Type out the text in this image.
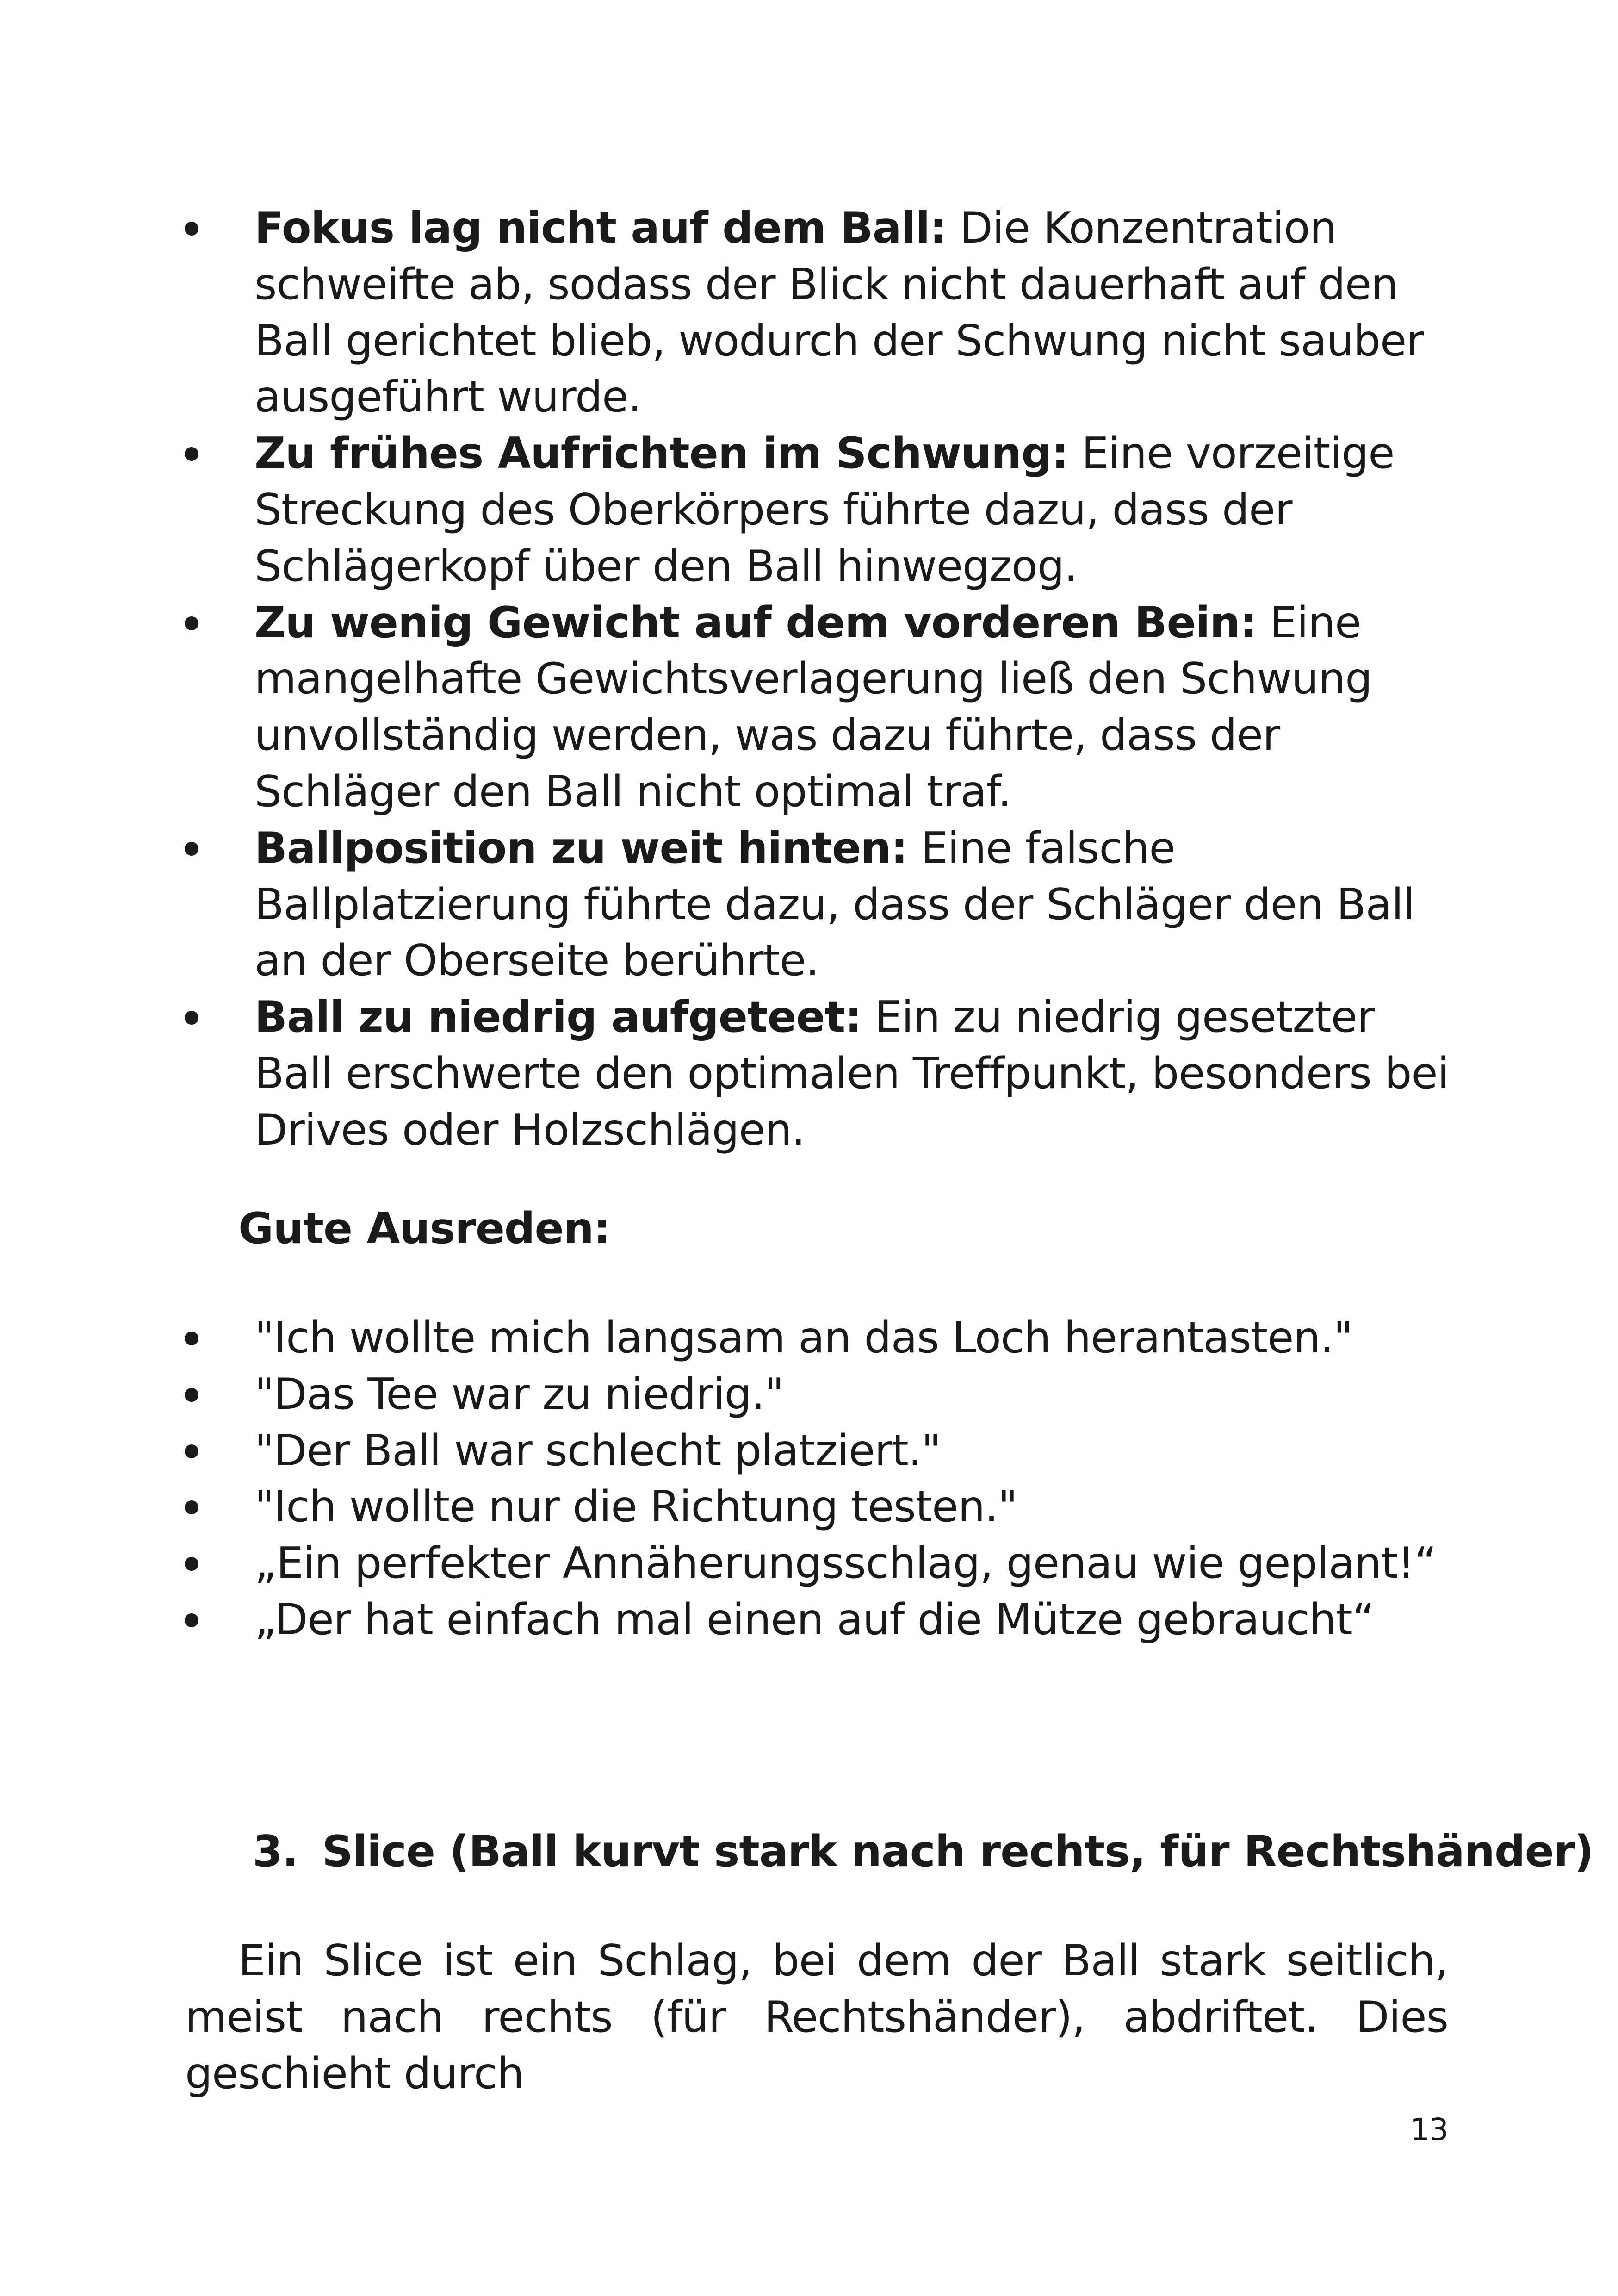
Fokus lag nicht auf dem Ball: Die Konzentration schweifte ab, sodass der Blick nicht dauerhaft auf den Ball gerichtet blieb, wodurch der Schwung nicht sauber ausgeführt wurde.
Zu frühes Aufrichten im Schwung: Eine vorzeitige Streckung des Oberkörpers führte dazu, dass der Schlägerkopf über den Ball hinwegzog.
Zu wenig Gewicht auf dem vorderen Bein: Eine mangelhafte Gewichtsverlagerung ließ den Schwung unvollständig werden, was dazu führte, dass der Schläger den Ball nicht optimal traf.
Ballposition zu weit hinten: Eine falsche Ballplatzierung führte dazu, dass der Schläger den Ball an der Oberseite berührte.
Ball zu niedrig aufgeteet: Ein zu niedrig gesetzter Ball erschwerte den optimalen Treffpunkt, besonders bei Drives oder Holzschlägen.

Gute Ausreden:

"Ich wollte mich langsam an das Loch herantasten."
"Das Tee war zu niedrig."
"Der Ball war schlecht platziert."
"Ich wollte nur die Richtung testen."
„Ein perfekter Annäherungsschlag, genau wie geplant!“
„Der hat einfach mal einen auf die Mütze gebraucht“
3. Slice (Ball kurvt stark nach rechts, für Rechtshänder)

Ein Slice ist ein Schlag, bei dem der Ball stark seitlich, meist nach rechts (für Rechtshänder), abdriftet. Dies geschieht durch

13
